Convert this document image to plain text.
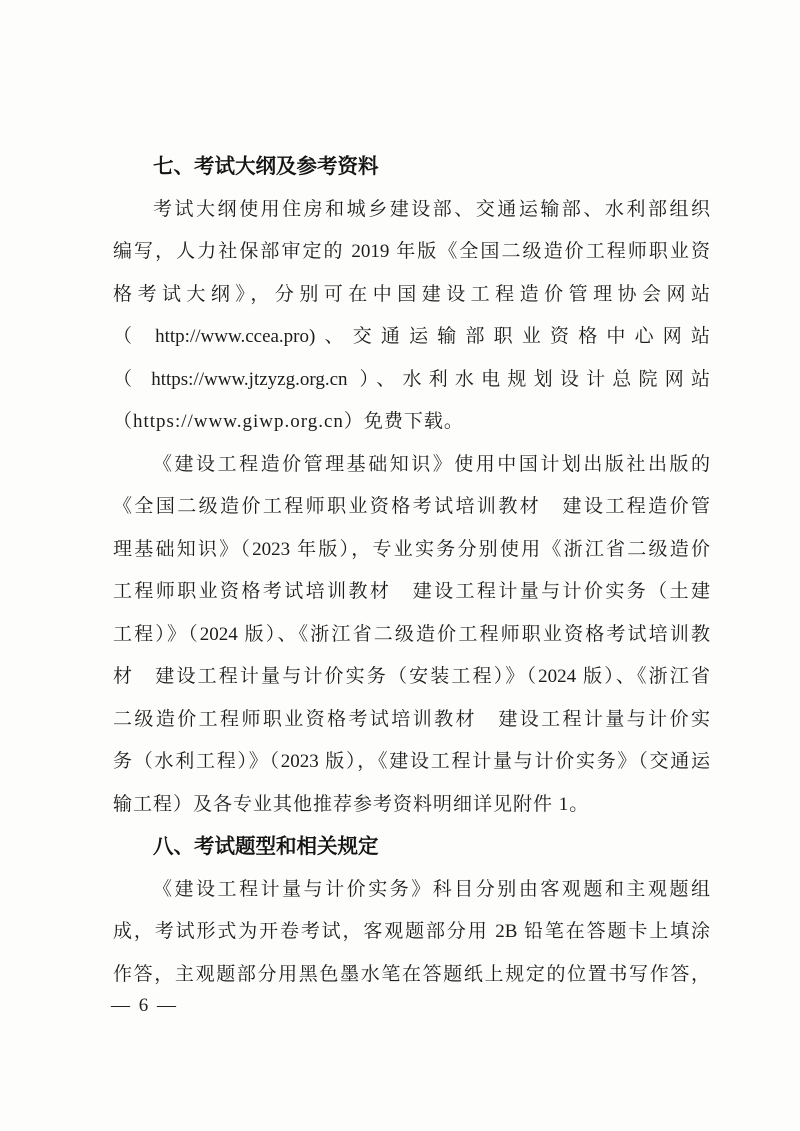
七、考试大纲及参考资料
考试大纲使用住房和城乡建设部、交通运输部、水利部组织
编写，人力社保部审定的 2019 年版《全国二级造价工程师职业资
格考试大纲》，分别可在中国建设工程造价管理协会网站
（ http://www.ccea.pro)、交通运输部职业资格中心网站
（ https://www.jtzyzg.org.cn ）、水利水电规划设计总院网站
（https://www.giwp.org.cn）免费下载。
《建设工程造价管理基础知识》使用中国计划出版社出版的
《全国二级造价工程师职业资格考试培训教材　建设工程造价管
理基础知识》（2023 年版），专业实务分别使用《浙江省二级造价
工程师职业资格考试培训教材　建设工程计量与计价实务（土建
工程）》（2024 版）、《浙江省二级造价工程师职业资格考试培训教
材　建设工程计量与计价实务（安装工程）》（2024 版）、《浙江省
二级造价工程师职业资格考试培训教材　建设工程计量与计价实
务（水利工程）》（2023 版），《建设工程计量与计价实务》（交通运
输工程）及各专业其他推荐参考资料明细详见附件 1。
八、考试题型和相关规定
《建设工程计量与计价实务》科目分别由客观题和主观题组
成，考试形式为开卷考试，客观题部分用 2B 铅笔在答题卡上填涂
作答，主观题部分用黑色墨水笔在答题纸上规定的位置书写作答，
— 6 —
